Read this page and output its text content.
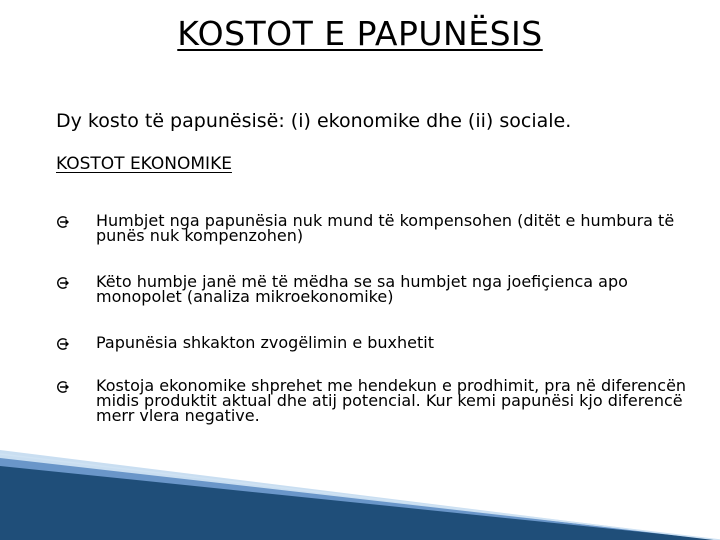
KOSTOT E PAPUNËSIS
Dy kosto të papunësisë: (i) ekonomike dhe (ii) sociale.
KOSTOT EKONOMIKE
Humbjet nga papunësia nuk mund të kompensohen (ditët e humbura të punës nuk kompenzohen)
Këto humbje janë më të mëdha se sa humbjet nga joefiçienca apo monopolet (analiza mikroekonomike)
Papunësia shkakton zvogëlimin e buxhetit
Kostoja ekonomike shprehet me hendekun e prodhimit, pra në diferencën midis produktit aktual dhe atij potencial. Kur kemi papunësi kjo diferencë merr vlera negative.
